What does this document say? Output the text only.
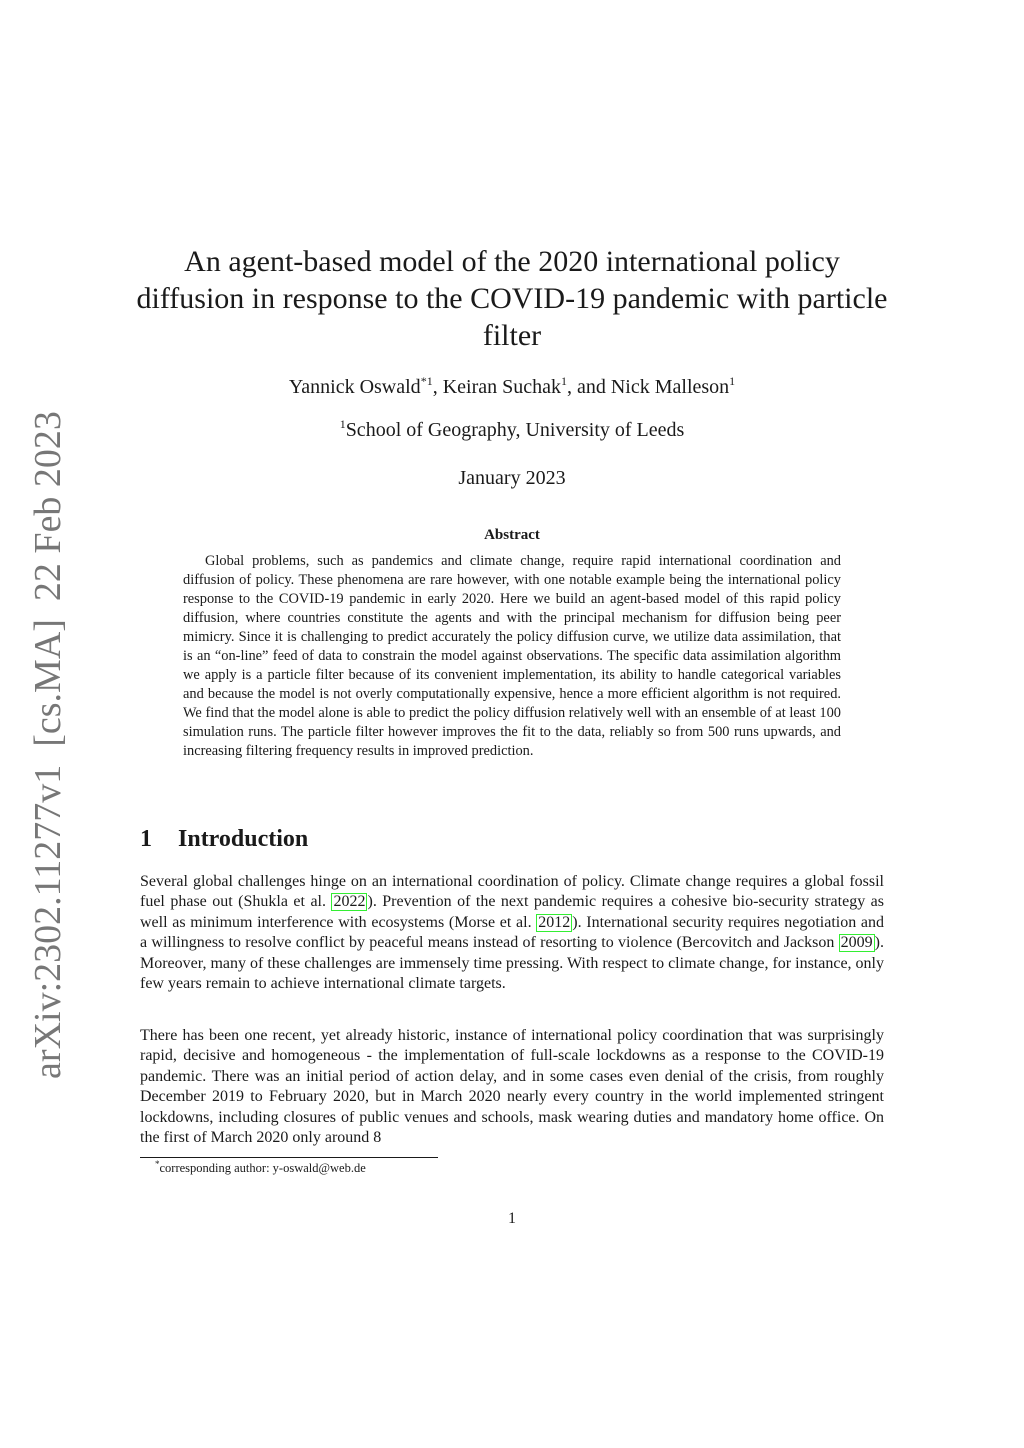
arXiv:2302.11277v1
[cs.MA]
22 Feb 2023
An agent-based model of the 2020 international policy
diffusion in response to the COVID-19 pandemic with particle
filter
Yannick Oswald$^{*1}$, Keiran Suchak$^1$, and Nick Malleson$^1$
$^1$School of Geography, University of Leeds
January 2023
Abstract

Global problems, such as pandemics and climate change, require rapid international coordination and diffusion of policy. These phenomena are rare however, with one notable example being the international policy response to the COVID-19 pandemic in early 2020. Here we build an agent-based model of this rapid policy diffusion, where countries constitute the agents and with the principal mechanism for diffusion being peer mimicry. Since it is challenging to predict accurately the policy diffusion curve, we utilize data assimilation, that is an “on-line” feed of data to constrain the model against observations. The specific data assimilation algorithm we apply is a particle filter because of its convenient implementation, its ability to handle categorical variables and because the model is not overly computationally expensive, hence a more efficient algorithm is not required. We find that the model alone is able to predict the policy diffusion relatively well with an ensemble of at least 100 simulation runs. The particle filter however improves the fit to the data, reliably so from 500 runs upwards, and increasing filtering frequency results in improved prediction.

1 Introduction

Several global challenges hinge on an international coordination of policy. Climate change requires a global fossil fuel phase out (Shukla et al. 2022 ). Prevention of the next pandemic requires a cohesive bio-security strategy as well as minimum interference with ecosystems (Morse et al. 2012 ). International security requires negotiation and a willingness to resolve conflict by peaceful means instead of resorting to violence (Bercovitch and Jackson 2009 ). Moreover, many of these challenges are immensely time pressing. With respect to climate change, for instance, only few years remain to achieve international climate targets.

There has been one recent, yet already historic, instance of international policy coordination that was surprisingly rapid, decisive and homogeneous - the implementation of full-scale lockdowns as a response to the COVID-19 pandemic. There was an initial period of action delay, and in some cases even denial of the crisis, from roughly December 2019 to February 2020, but in March 2020 nearly every country in the world implemented stringent lockdowns, including closures of public venues and schools, mask wearing duties and mandatory home office. On the first of March 2020 only around 8

*corresponding author: y-oswald@web.de
1
